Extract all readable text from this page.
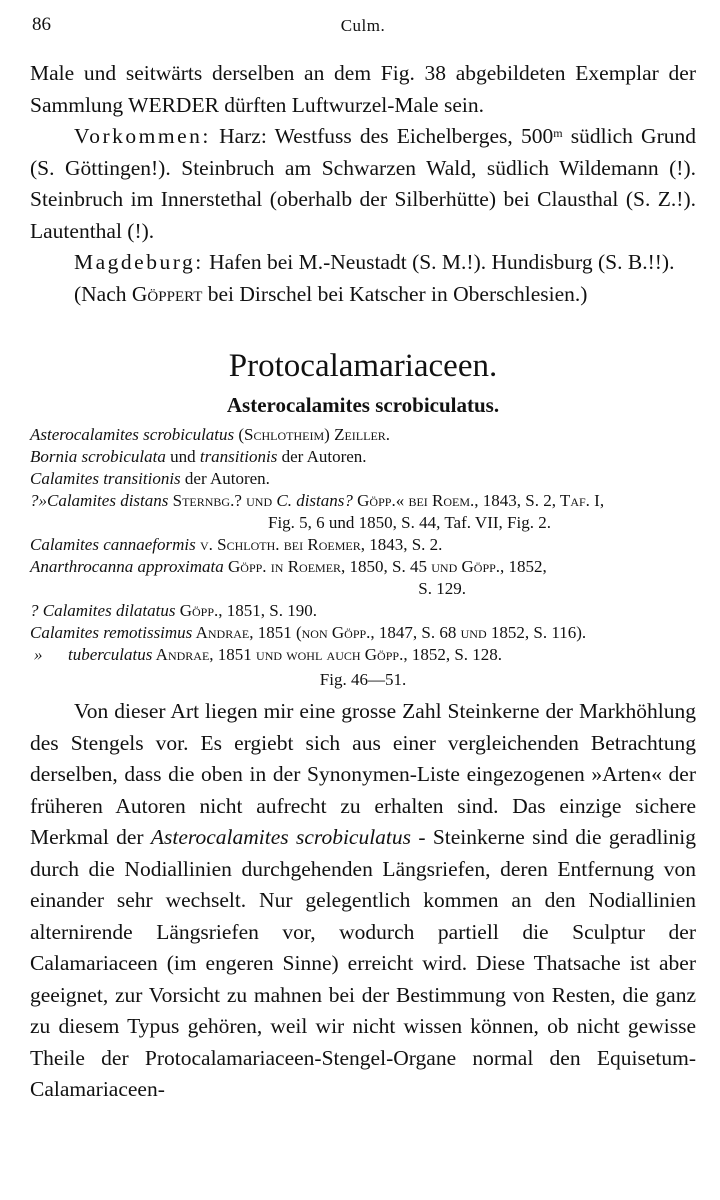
86	Culm.

Male und seitwärts derselben an dem Fig. 38 abgebildeten Exemplar der Sammlung WERDER dürften Luftwurzel-Male sein.

Vorkommen: Harz: Westfuss des Eichelberges, 500$^m$ südlich Grund (S. Göttingen!). Steinbruch am Schwarzen Wald, südlich Wildemann (!). Steinbruch im Innerstethal (oberhalb der Silberhütte) bei Clausthal (S. Z.!). Lautenthal (!).

Magdeburg: Hafen bei M.-Neustadt (S. M.!). Hundisburg (S. B.!!).

(Nach Göppert bei Dirschel bei Katscher in Oberschlesien.)

Protocalamariaceen.
Asterocalamites scrobiculatus.
Asterocalamites scrobiculatus (Schlotheim) Zeiller.
Bornia scrobiculata und transitionis der Autoren.
Calamites transitionis der Autoren.
?»Calamites distans Sternbg.? und C. distans? Göpp.« bei Roem., 1843, S. 2, Taf. I,
Fig. 5, 6 und 1850, S. 44, Taf. VII, Fig. 2.
Calamites cannaeformis v. Schloth. bei Roemer, 1843, S. 2.
Anarthrocanna approximata Göpp. in Roemer, 1850, S. 45 und Göpp., 1852,
S. 129.
? Calamites dilatatus Göpp., 1851, S. 190.
Calamites remotissimus Andrae, 1851 (non Göpp., 1847, S. 68 und 1852, S. 116).
»      tuberculatus Andrae, 1851 und wohl auch Göpp., 1852, S. 128.
Fig. 46—51.

Von dieser Art liegen mir eine grosse Zahl Steinkerne der Markhöhlung des Stengels vor. Es ergiebt sich aus einer vergleichenden Betrachtung derselben, dass die oben in der Synonymen-Liste eingezogenen »Arten« der früheren Autoren nicht aufrecht zu erhalten sind. Das einzige sichere Merkmal der Asterocalamites scrobiculatus - Steinkerne sind die geradlinig durch die Nodiallinien durchgehenden Längsriefen, deren Entfernung von einander sehr wechselt. Nur gelegentlich kommen an den Nodiallinien alternirende Längsriefen vor, wodurch partiell die Sculptur der Calamariaceen (im engeren Sinne) erreicht wird. Diese Thatsache ist aber geeignet, zur Vorsicht zu mahnen bei der Bestimmung von Resten, die ganz zu diesem Typus gehören, weil wir nicht wissen können, ob nicht gewisse Theile der Protocalamariaceen-Stengel-Organe normal den Equisetum-Calamariaceen-
